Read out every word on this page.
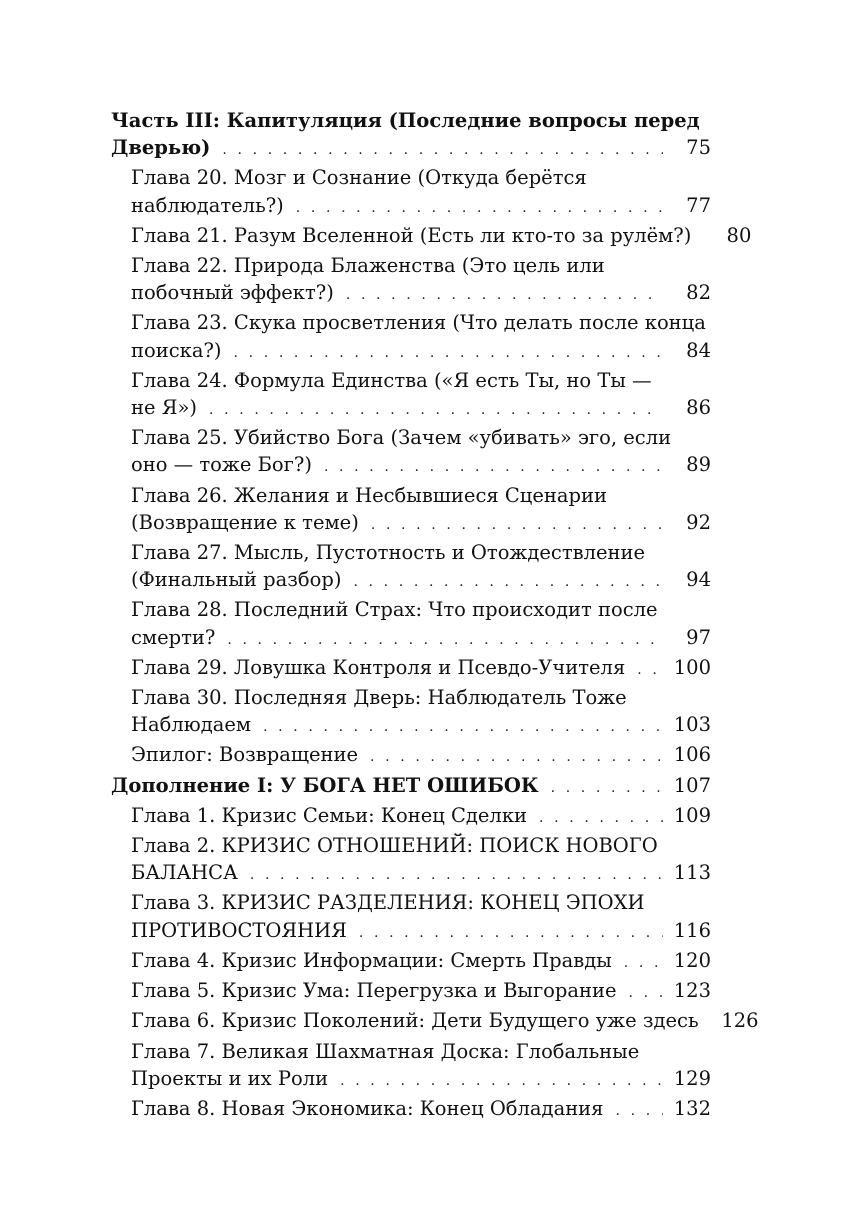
Часть III: Капитуляция (Последние вопросы перед
Дверью) . . .	75
Глава 20. Мозг и Сознание (Откуда берётся
наблюдатель?) . . .	77
Глава 21. Разум Вселенной (Есть ли кто-то за рулём?)	80
Глава 22. Природа Блаженства (Это цель или
побочный эффект?) . . .	82
Глава 23. Скука просветления (Что делать после конца
поиска?) . . .	84
Глава 24. Формула Единства («Я есть Ты, но Ты —
не Я») . . .	86
Глава 25. Убийство Бога (Зачем «убивать» эго, если
оно — тоже Бог?) . . .	89
Глава 26. Желания и Несбывшиеся Сценарии
(Возвращение к теме) . . .	92
Глава 27. Мысль, Пустотность и Отождествление
(Финальный разбор) . . .	94
Глава 28. Последний Страх: Что происходит после
смерти? . . .	97
Глава 29. Ловушка Контроля и Псевдо-Учителя . . . 100
Глава 30. Последняя Дверь: Наблюдатель Тоже
Наблюдаем . . .	103
Эпилог: Возвращение . . .	106
Дополнение I: У БОГА НЕТ ОШИБОК . . .	107
Глава 1. Кризис Семьи: Конец Сделки . . .	109
Глава 2. КРИЗИС ОТНОШЕНИЙ: ПОИСК НОВОГО
БАЛАНСА . . .	113
Глава 3. КРИЗИС РАЗДЕЛЕНИЯ: КОНЕЦ ЭПОХИ
ПРОТИВОСТОЯНИЯ . . .	116
Глава 4. Кризис Информации: Смерть Правды . . .	120
Глава 5. Кризис Ума: Перегрузка и Выгорание . . .	123
Глава 6. Кризис Поколений: Дети Будущего уже здесь 126
Глава 7. Великая Шахматная Доска: Глобальные
Проекты и их Роли . . .	129
Глава 8. Новая Экономика: Конец Обладания . . .	132
